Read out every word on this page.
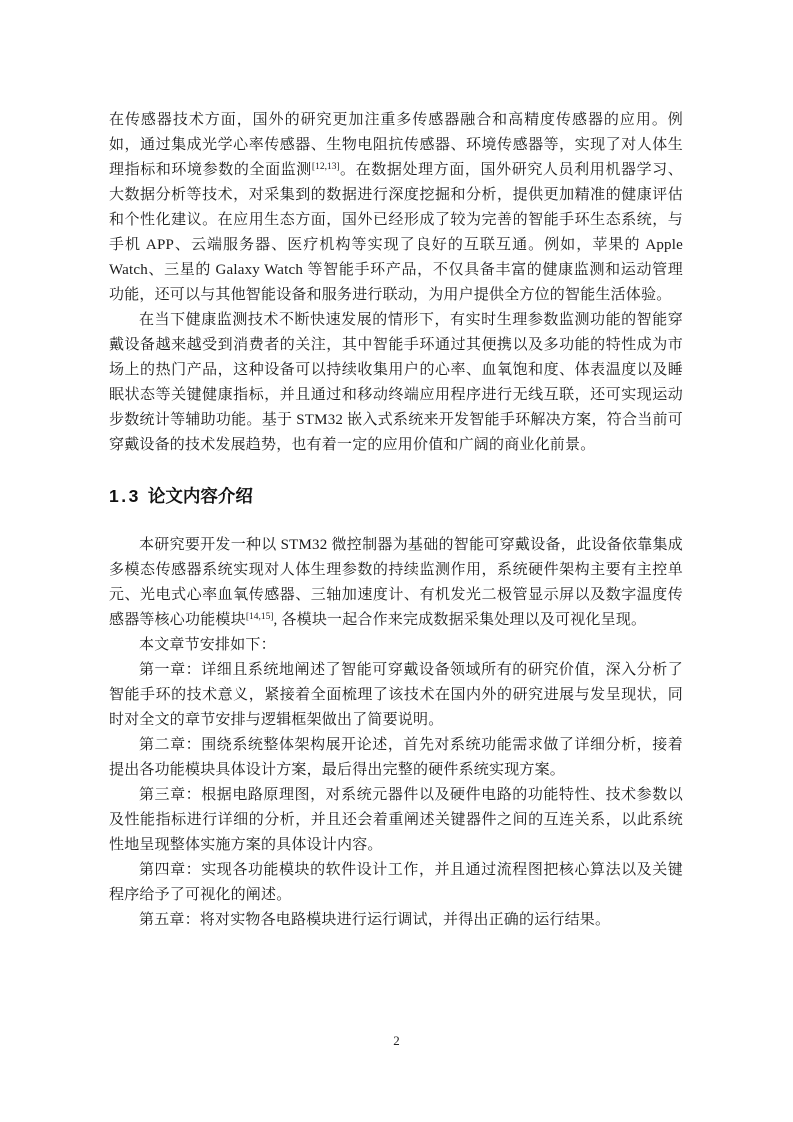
在传感器技术方面，国外的研究更加注重多传感器融合和高精度传感器的应用。例如，通过集成光学心率传感器、生物电阻抗传感器、环境传感器等，实现了对人体生理指标和环境参数的全面监测[12,13]。在数据处理方面，国外研究人员利用机器学习、大数据分析等技术，对采集到的数据进行深度挖掘和分析，提供更加精准的健康评估和个性化建议。在应用生态方面，国外已经形成了较为完善的智能手环生态系统，与手机 APP、云端服务器、医疗机构等实现了良好的互联互通。例如，苹果的 Apple Watch、三星的 Galaxy Watch 等智能手环产品，不仅具备丰富的健康监测和运动管理功能，还可以与其他智能设备和服务进行联动，为用户提供全方位的智能生活体验。

在当下健康监测技术不断快速发展的情形下，有实时生理参数监测功能的智能穿戴设备越来越受到消费者的关注，其中智能手环通过其便携以及多功能的特性成为市场上的热门产品，这种设备可以持续收集用户的心率、血氧饱和度、体表温度以及睡眠状态等关键健康指标，并且通过和移动终端应用程序进行无线互联，还可实现运动步数统计等辅助功能。基于 STM32 嵌入式系统来开发智能手环解决方案，符合当前可穿戴设备的技术发展趋势，也有着一定的应用价值和广阔的商业化前景。

1.3 论文内容介绍

本研究要开发一种以 STM32 微控制器为基础的智能可穿戴设备，此设备依靠集成多模态传感器系统实现对人体生理参数的持续监测作用，系统硬件架构主要有主控单元、光电式心率血氧传感器、三轴加速度计、有机发光二极管显示屏以及数字温度传感器等核心功能模块[14,15], 各模块一起合作来完成数据采集处理以及可视化呈现。

本文章节安排如下：

第一章：详细且系统地阐述了智能可穿戴设备领域所有的研究价值，深入分析了智能手环的技术意义，紧接着全面梳理了该技术在国内外的研究进展与发呈现状，同时对全文的章节安排与逻辑框架做出了简要说明。

第二章：围绕系统整体架构展开论述，首先对系统功能需求做了详细分析，接着提出各功能模块具体设计方案，最后得出完整的硬件系统实现方案。

第三章：根据电路原理图，对系统元器件以及硬件电路的功能特性、技术参数以及性能指标进行详细的分析，并且还会着重阐述关键器件之间的互连关系，以此系统性地呈现整体实施方案的具体设计内容。

第四章：实现各功能模块的软件设计工作，并且通过流程图把核心算法以及关键程序给予了可视化的阐述。

第五章：将对实物各电路模块进行运行调试，并得出正确的运行结果。

2
